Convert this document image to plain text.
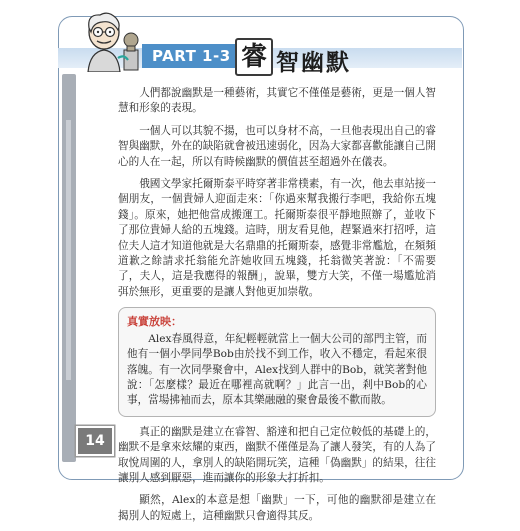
PART 1-3 睿 智幽默

人們都說幽默是一種藝術，其實它不僅僅是藝術，更是一個人智慧和形象的表現。

一個人可以其貌不揚，也可以身材不高，一旦他表現出自己的睿智與幽默，外在的缺陷就會被迅速弱化，因為大家都喜歡能讓自己開心的人在一起，所以有時候幽默的價值甚至超過外在儀表。

俄國文學家托爾斯泰平時穿著非常樸素，有一次，他去車站接一個朋友，一個貴婦人迎面走來：「你過來幫我搬行李吧，我給你五塊錢」。原來，她把他當成搬運工。托爾斯泰很平靜地照辦了，並收下了那位貴婦人給的五塊錢。這時，朋友看見他，趕緊過來打招呼，這位夫人這才知道他就是大名鼎鼎的托爾斯泰，感覺非常尷尬，在頻頻道歉之餘請求托翁能允許她收回五塊錢，托翁微笑著說：「不需要了，夫人，這是我應得的報酬」，說畢，雙方大笑，不僅一場尷尬消弭於無形，更重要的是讓人對他更加崇敬。

真實放映：
Alex春風得意，年紀輕輕就當上一個大公司的部門主管，而他有一個小學同學Bob由於找不到工作，收入不穩定，看起來很落魄。有一次同學聚會中，Alex找到人群中的Bob，就笑著對他說：「怎麼樣？最近在哪裡高就啊？」此言一出，剎中Bob的心事，當場拂袖而去，原本其樂融融的聚會最後不歡而散。

真正的幽默是建立在睿智、豁達和把自己定位較低的基礎上的，幽默不是拿來炫耀的東西，幽默不僅僅是為了讓人發笑，有的人為了取悅周圍的人，拿別人的缺陷開玩笑，這種「偽幽默」的結果，往往讓別人感到厭惡，進而讓你的形象大打折扣。

顯然，Alex的本意是想「幽默」一下，可他的幽默卻是建立在揭別人的短處上，這種幽默只會適得其反。

14
